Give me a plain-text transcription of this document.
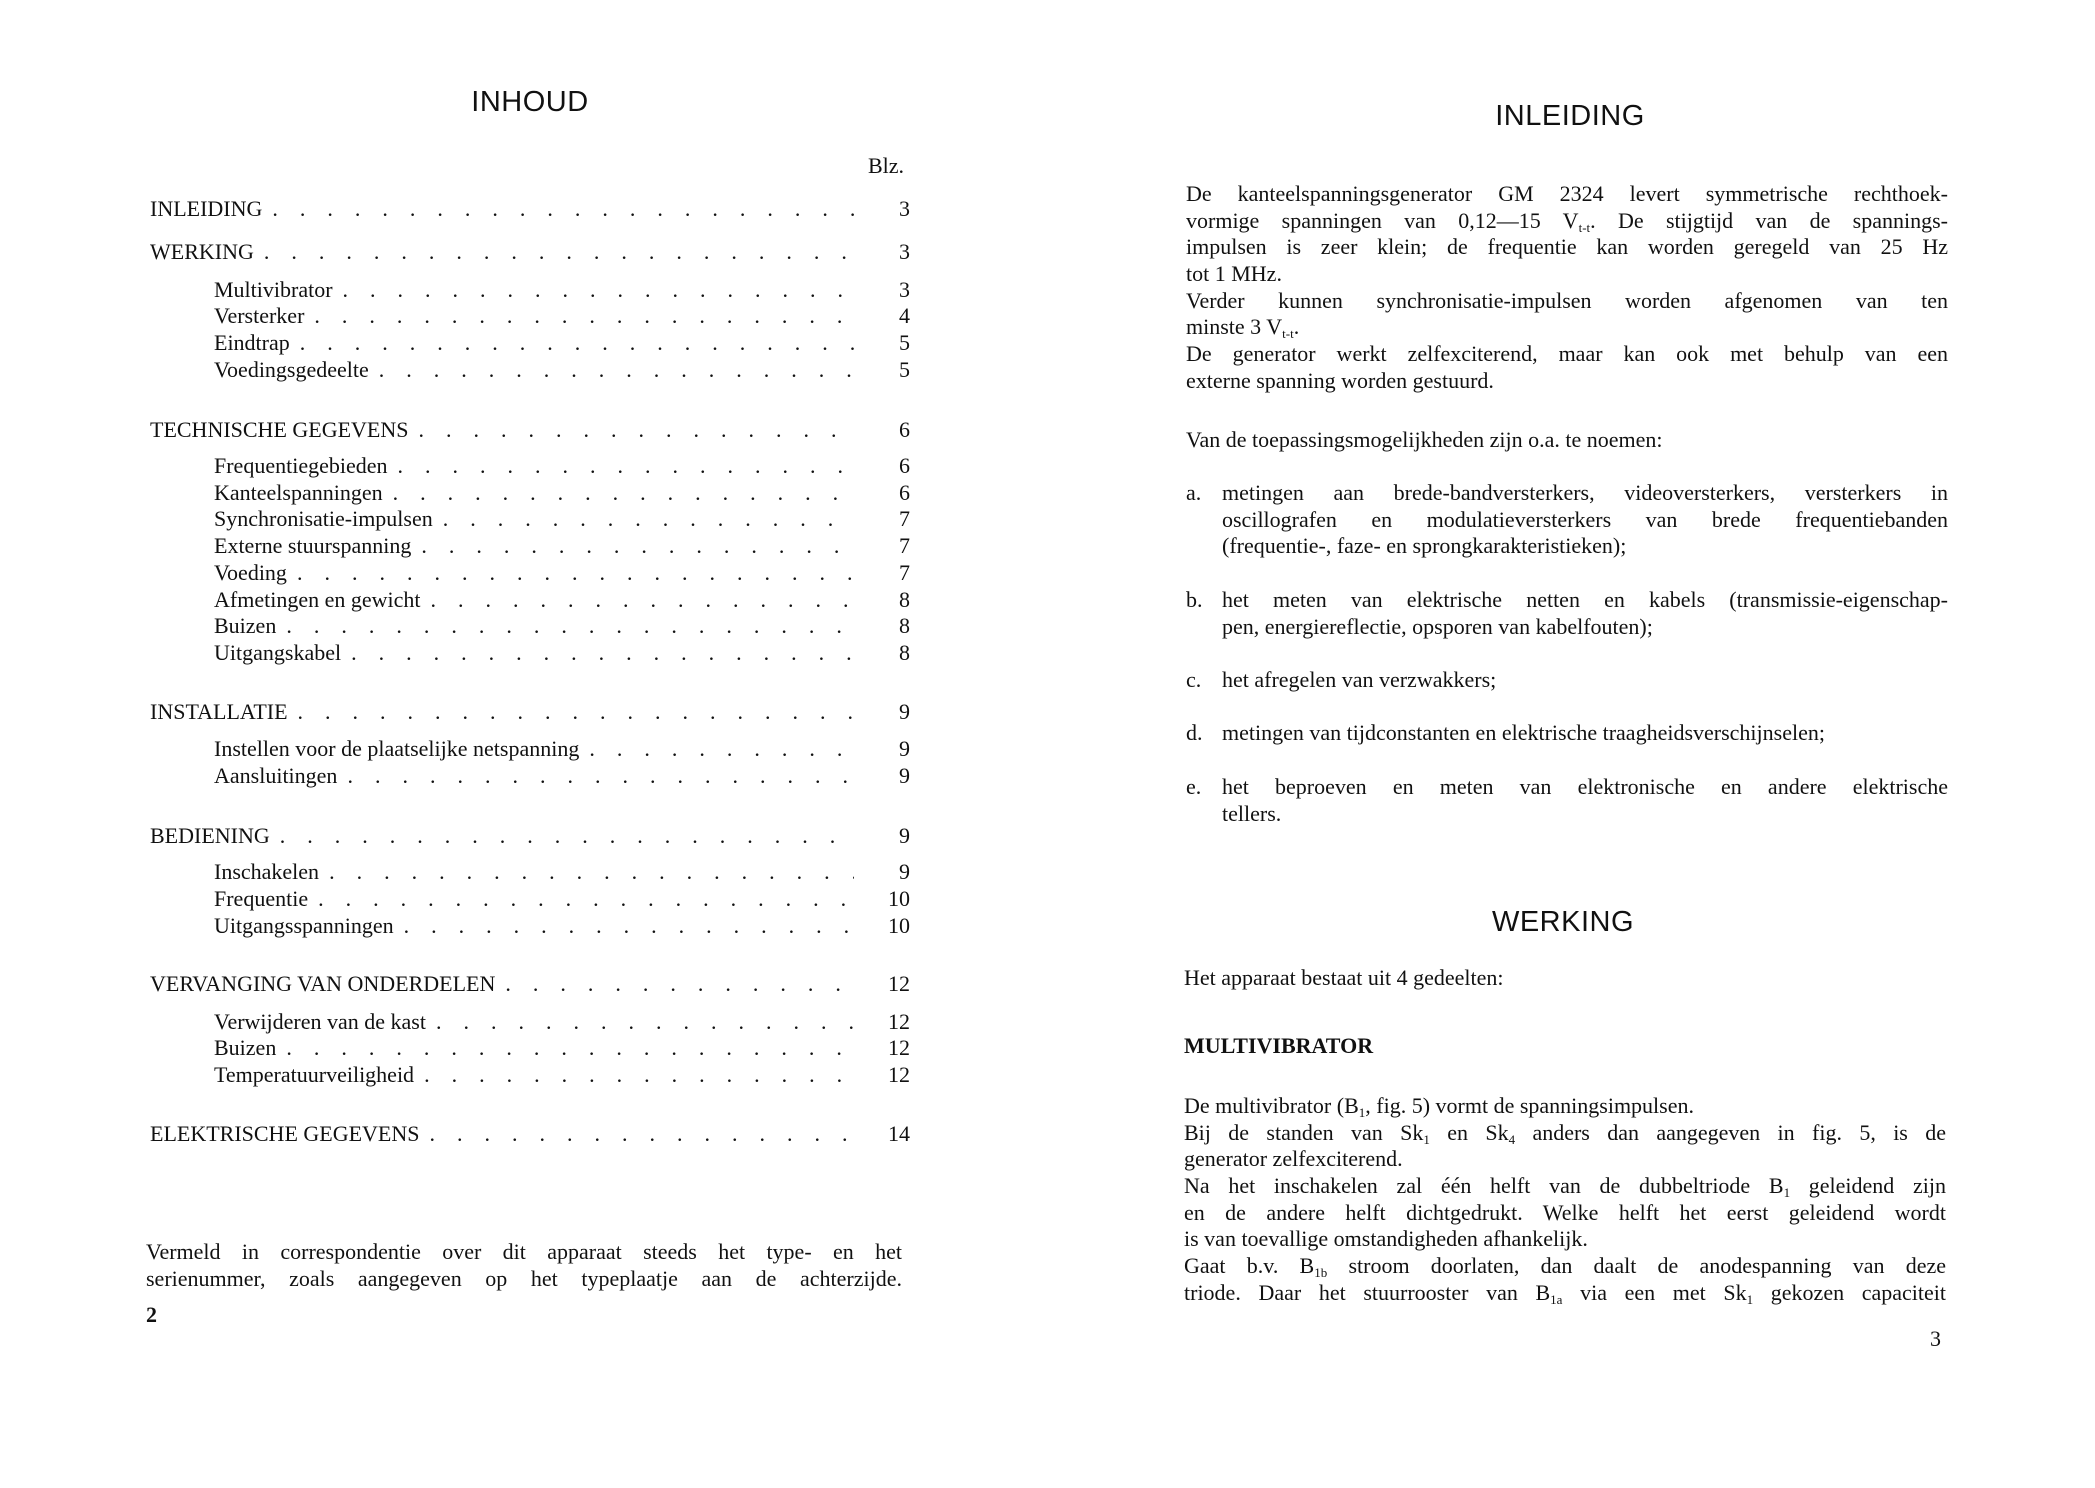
INHOUD
Blz.
INLEIDING .	3
WERKING .	3
Multivibrator .	3
Versterker .	4
Eindtrap .	5
Voedingsgedeelte .	5
TECHNISCHE GEGEVENS .	6
Frequentiegebieden .	6
Kanteelspanningen .	6
Synchronisatie-impulsen .	7
Externe stuurspanning .	7
Voeding .	7
Afmetingen en gewicht .	8
Buizen .	8
Uitgangskabel .	8
INSTALLATIE .	9
Instellen voor de plaatselijke netspanning .	9
Aansluitingen .	9
BEDIENING .	9
Inschakelen .	9
Frequentie .	10
Uitgangsspanningen .	10
VERVANGING VAN ONDERDELEN .	12
Verwijderen van de kast .	12
Buizen .	12
Temperatuurveiligheid .	12
ELEKTRISCHE GEGEVENS .	14
Vermeld in correspondentie over dit apparaat steeds het type- en het
serienummer, zoals aangegeven op het typeplaatje aan de achterzijde.
2
INLEIDING
De kanteelspanningsgenerator GM 2324 levert symmetrische rechthoek-
vormige spanningen van 0,12—15 $V_{t-t}$. De stijgtijd van de spannings-
impulsen is zeer klein; de frequentie kan worden geregeld van 25 Hz
tot 1 MHz.
Verder kunnen synchronisatie-impulsen worden afgenomen van ten
minste 3 $V_{t-t}$.
De generator werkt zelfexciterend, maar kan ook met behulp van een
externe spanning worden gestuurd.
Van de toepassingsmogelijkheden zijn o.a. te noemen:
a. metingen aan brede-bandversterkers, videoversterkers, versterkers in
oscillografen en modulatieversterkers van brede frequentiebanden
(frequentie-, faze- en sprongkarakteristieken);
b. het meten van elektrische netten en kabels (transmissie-eigenschap-
pen, energiereflectie, opsporen van kabelfouten);
c. het afregelen van verzwakkers;
d. metingen van tijdconstanten en elektrische traagheidsverschijnselen;
e. het beproeven en meten van elektronische en andere elektrische
tellers.
WERKING
Het apparaat bestaat uit 4 gedeelten:
MULTIVIBRATOR
De multivibrator ($B_1$, fig. 5) vormt de spanningsimpulsen.
Bij de standen van $Sk_1$ en $Sk_4$ anders dan aangegeven in fig. 5, is de
generator zelfexciterend.
Na het inschakelen zal één helft van de dubbeltriode $B_1$ geleidend zijn
en de andere helft dichtgedrukt. Welke helft het eerst geleidend wordt
is van toevallige omstandigheden afhankelijk.
Gaat b.v. $B_{1b}$ stroom doorlaten, dan daalt de anodespanning van deze
triode. Daar het stuurrooster van $B_{1a}$ via een met $Sk_1$ gekozen capaciteit
3
